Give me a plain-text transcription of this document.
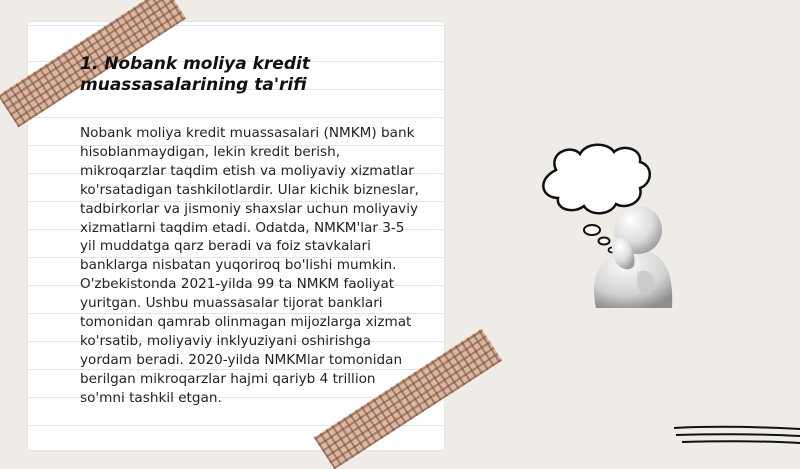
1. Nobank moliya kredit muassasalarining ta'rifi

Nobank moliya kredit muassasalari (NMKM) bank hisoblanmaydigan, lekin kredit berish, mikroqarzlar taqdim etish va moliyaviy xizmatlar ko'rsatadigan tashkilotlardir. Ular kichik bizneslar, tadbirkorlar va jismoniy shaxslar uchun moliyaviy xizmatlarni taqdim etadi. Odatda, NMKM'lar 3-5 yil muddatga qarz beradi va foiz stavkalari banklarga nisbatan yuqoriroq bo'lishi mumkin. O'zbekistonda 2021-yilda 99 ta NMKM faoliyat yuritgan. Ushbu muassasalar tijorat banklari tomonidan qamrab olinmagan mijozlarga xizmat ko'rsatib, moliyaviy inklyuziyani oshirishga yordam beradi. 2020-yilda NMKMlar tomonidan berilgan mikroqarzlar hajmi qariyb 4 trillion so'mni tashkil etgan.
